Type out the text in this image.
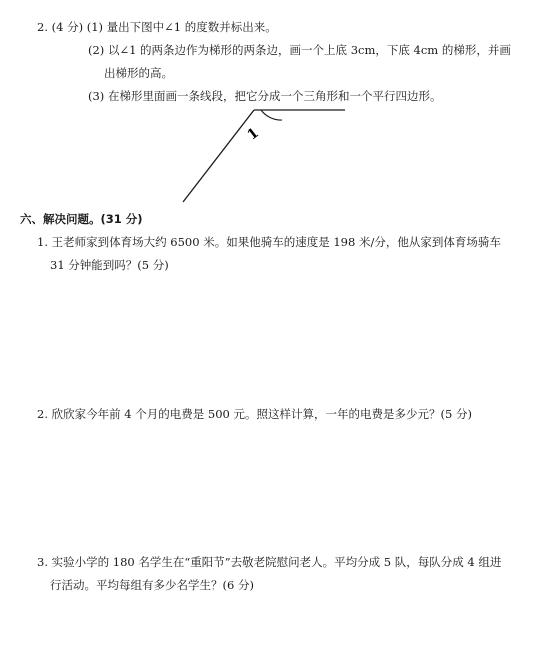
2. (4 分) (1) 量出下图中∠1 的度数并标出来。
(2) 以∠1 的两条边作为梯形的两条边，画一个上底 3cm，下底 4cm 的梯形，并画
出梯形的高。
(3) 在梯形里面画一条线段，把它分成一个三角形和一个平行四边形。
1
六、解决问题。(31 分)
1. 王老师家到体育场大约 6500 米。如果他骑车的速度是 198 米/分，他从家到体育场骑车
31 分钟能到吗？(5 分)
2. 欣欣家今年前 4 个月的电费是 500 元。照这样计算，一年的电费是多少元？(5 分)
3. 实验小学的 180 名学生在“重阳节”去敬老院慰问老人。平均分成 5 队，每队分成 4 组进
行活动。平均每组有多少名学生？(6 分)
